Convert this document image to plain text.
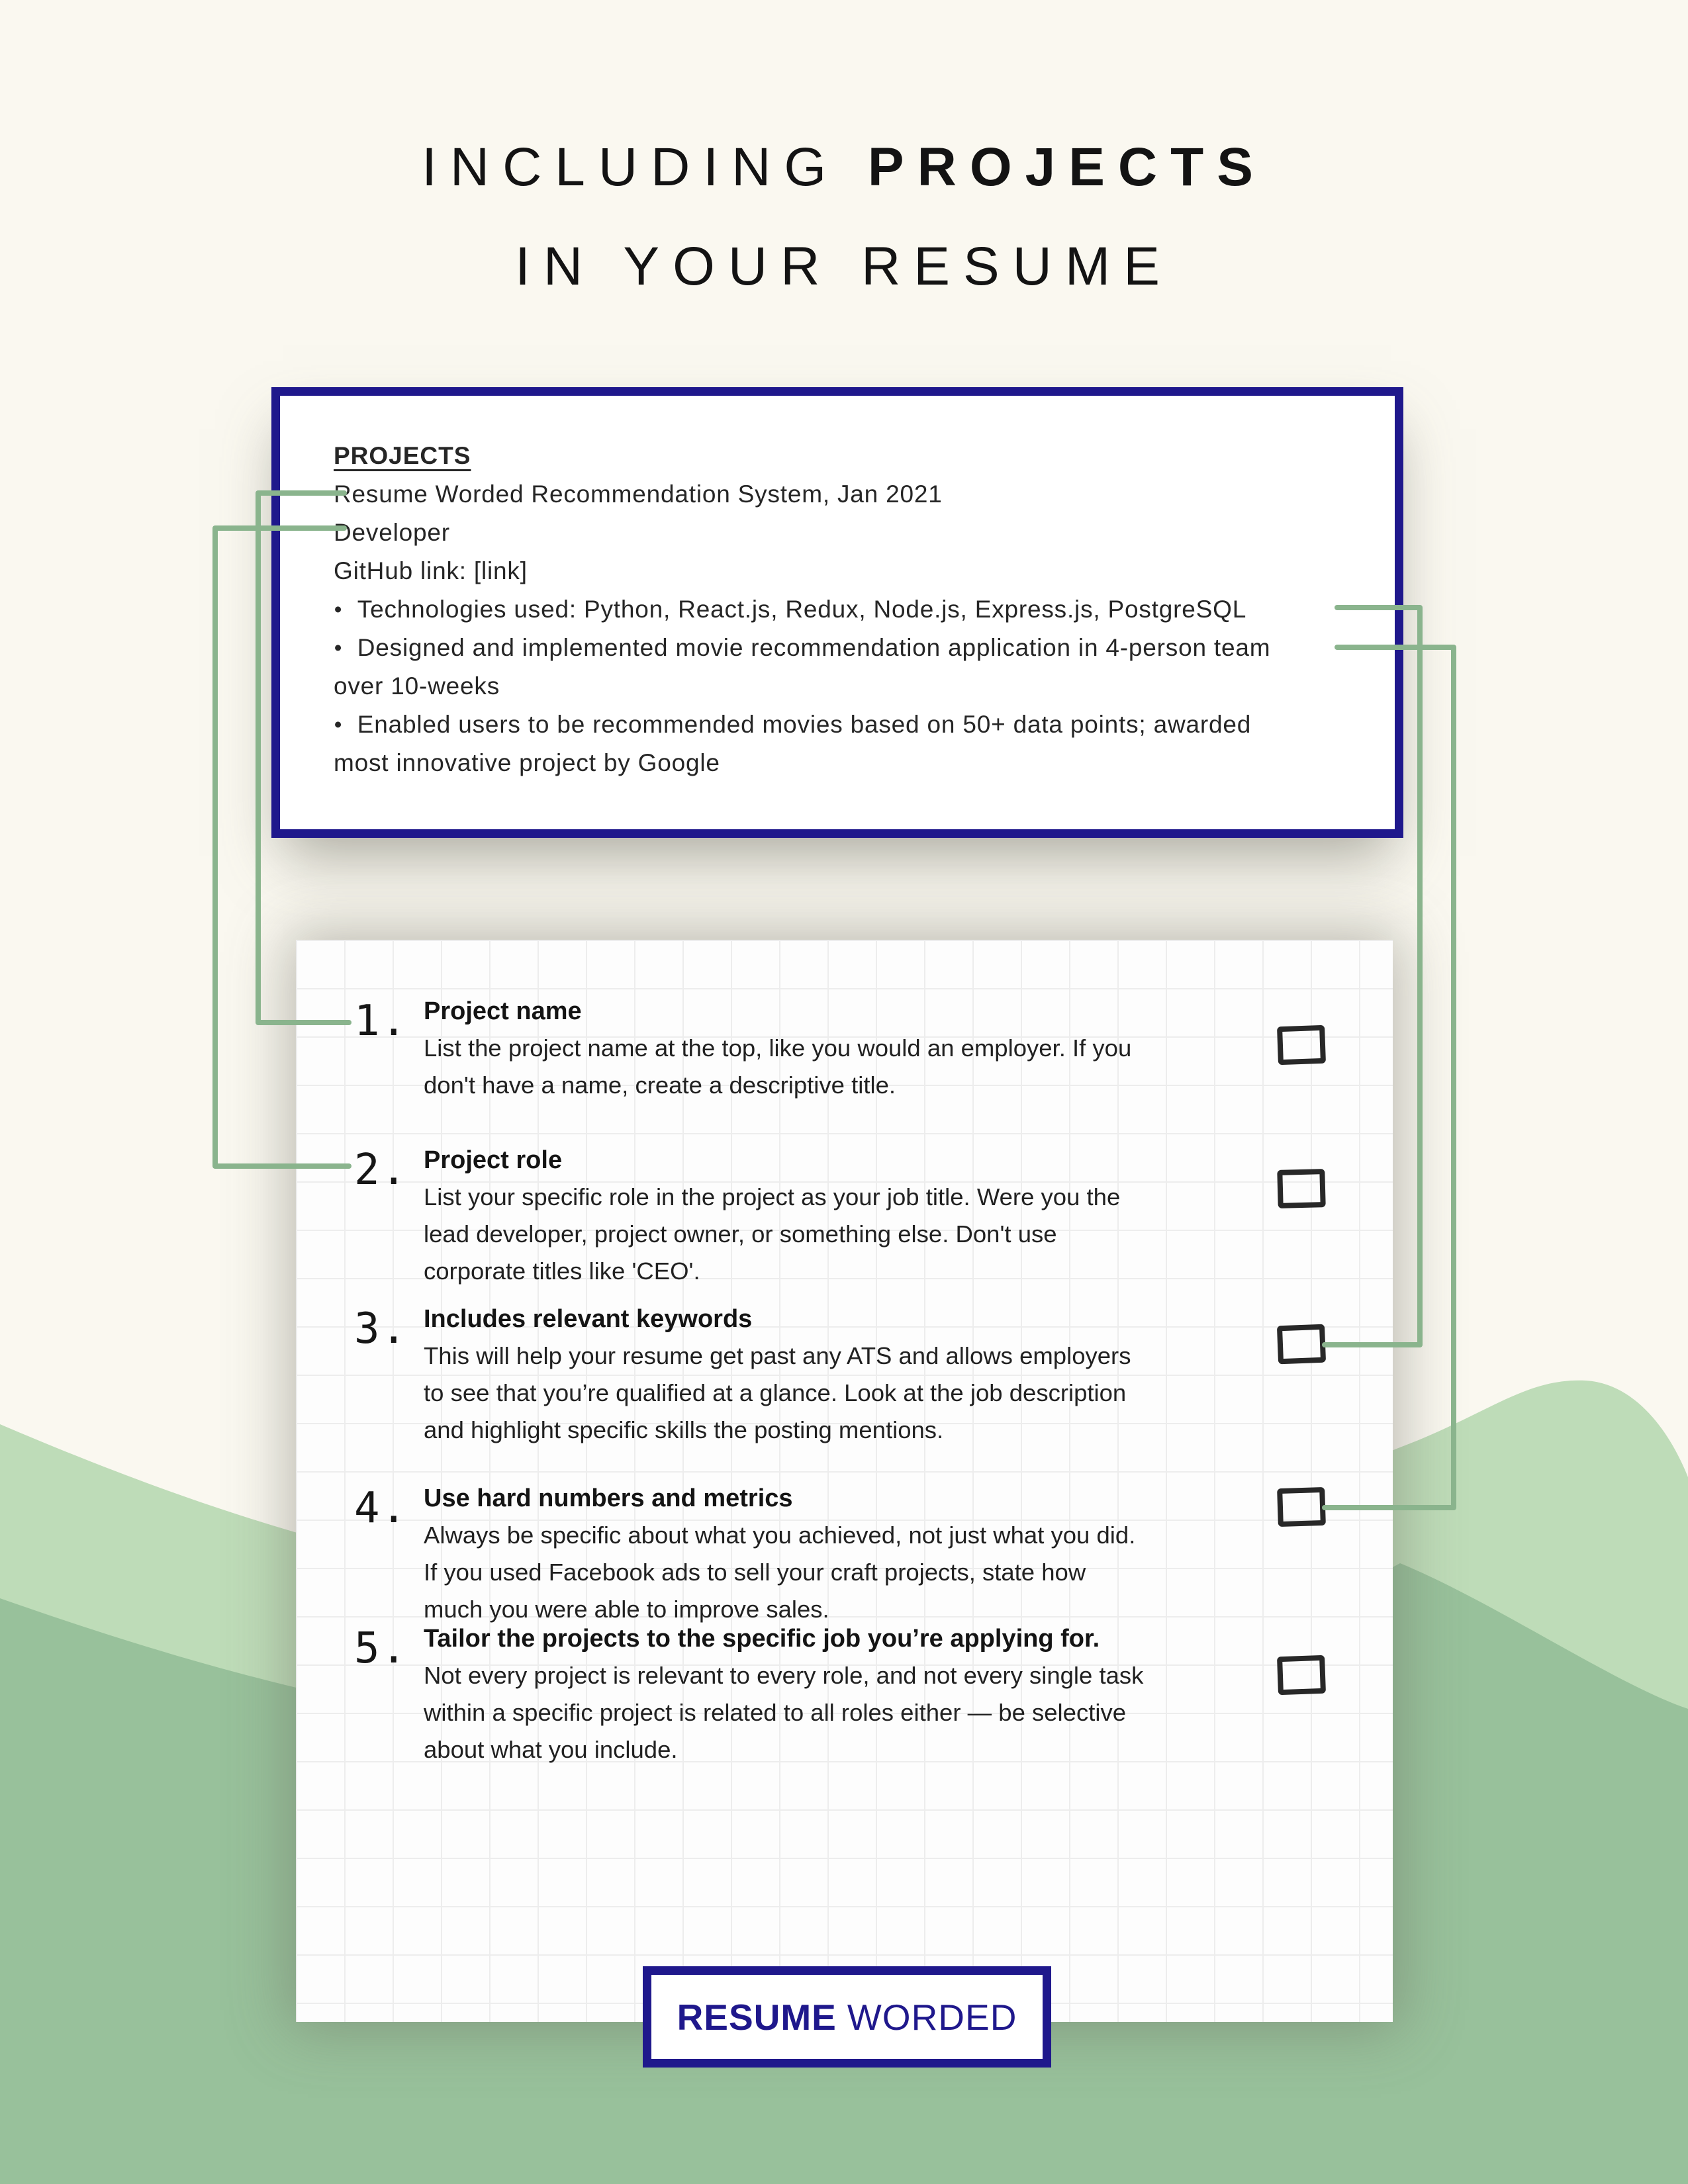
INCLUDING PROJECTS
IN YOUR RESUME
PROJECTS
Resume Worded Recommendation System, Jan 2021
Developer
GitHub link: [link]
• Technologies used: Python, React.js, Redux, Node.js, Express.js, PostgreSQL
• Designed and implemented movie recommendation application in 4-person team
over 10-weeks
• Enabled users to be recommended movies based on 50+ data points; awarded
most innovative project by Google
1. Project name
List the project name at the top, like you would an employer. If you
don't have a name, create a descriptive title.
2. Project role
List your specific role in the project as your job title. Were you the
lead developer, project owner, or something else. Don't use
corporate titles like 'CEO'.
3. Includes relevant keywords
This will help your resume get past any ATS and allows employers
to see that you’re qualified at a glance. Look at the job description
and highlight specific skills the posting mentions.
4. Use hard numbers and metrics
Always be specific about what you achieved, not just what you did.
If you used Facebook ads to sell your craft projects, state how
much you were able to improve sales.
5. Tailor the projects to the specific job you’re applying for.
Not every project is relevant to every role, and not every single task
within a specific project is related to all roles either — be selective
about what you include.
RESUME WORDED
